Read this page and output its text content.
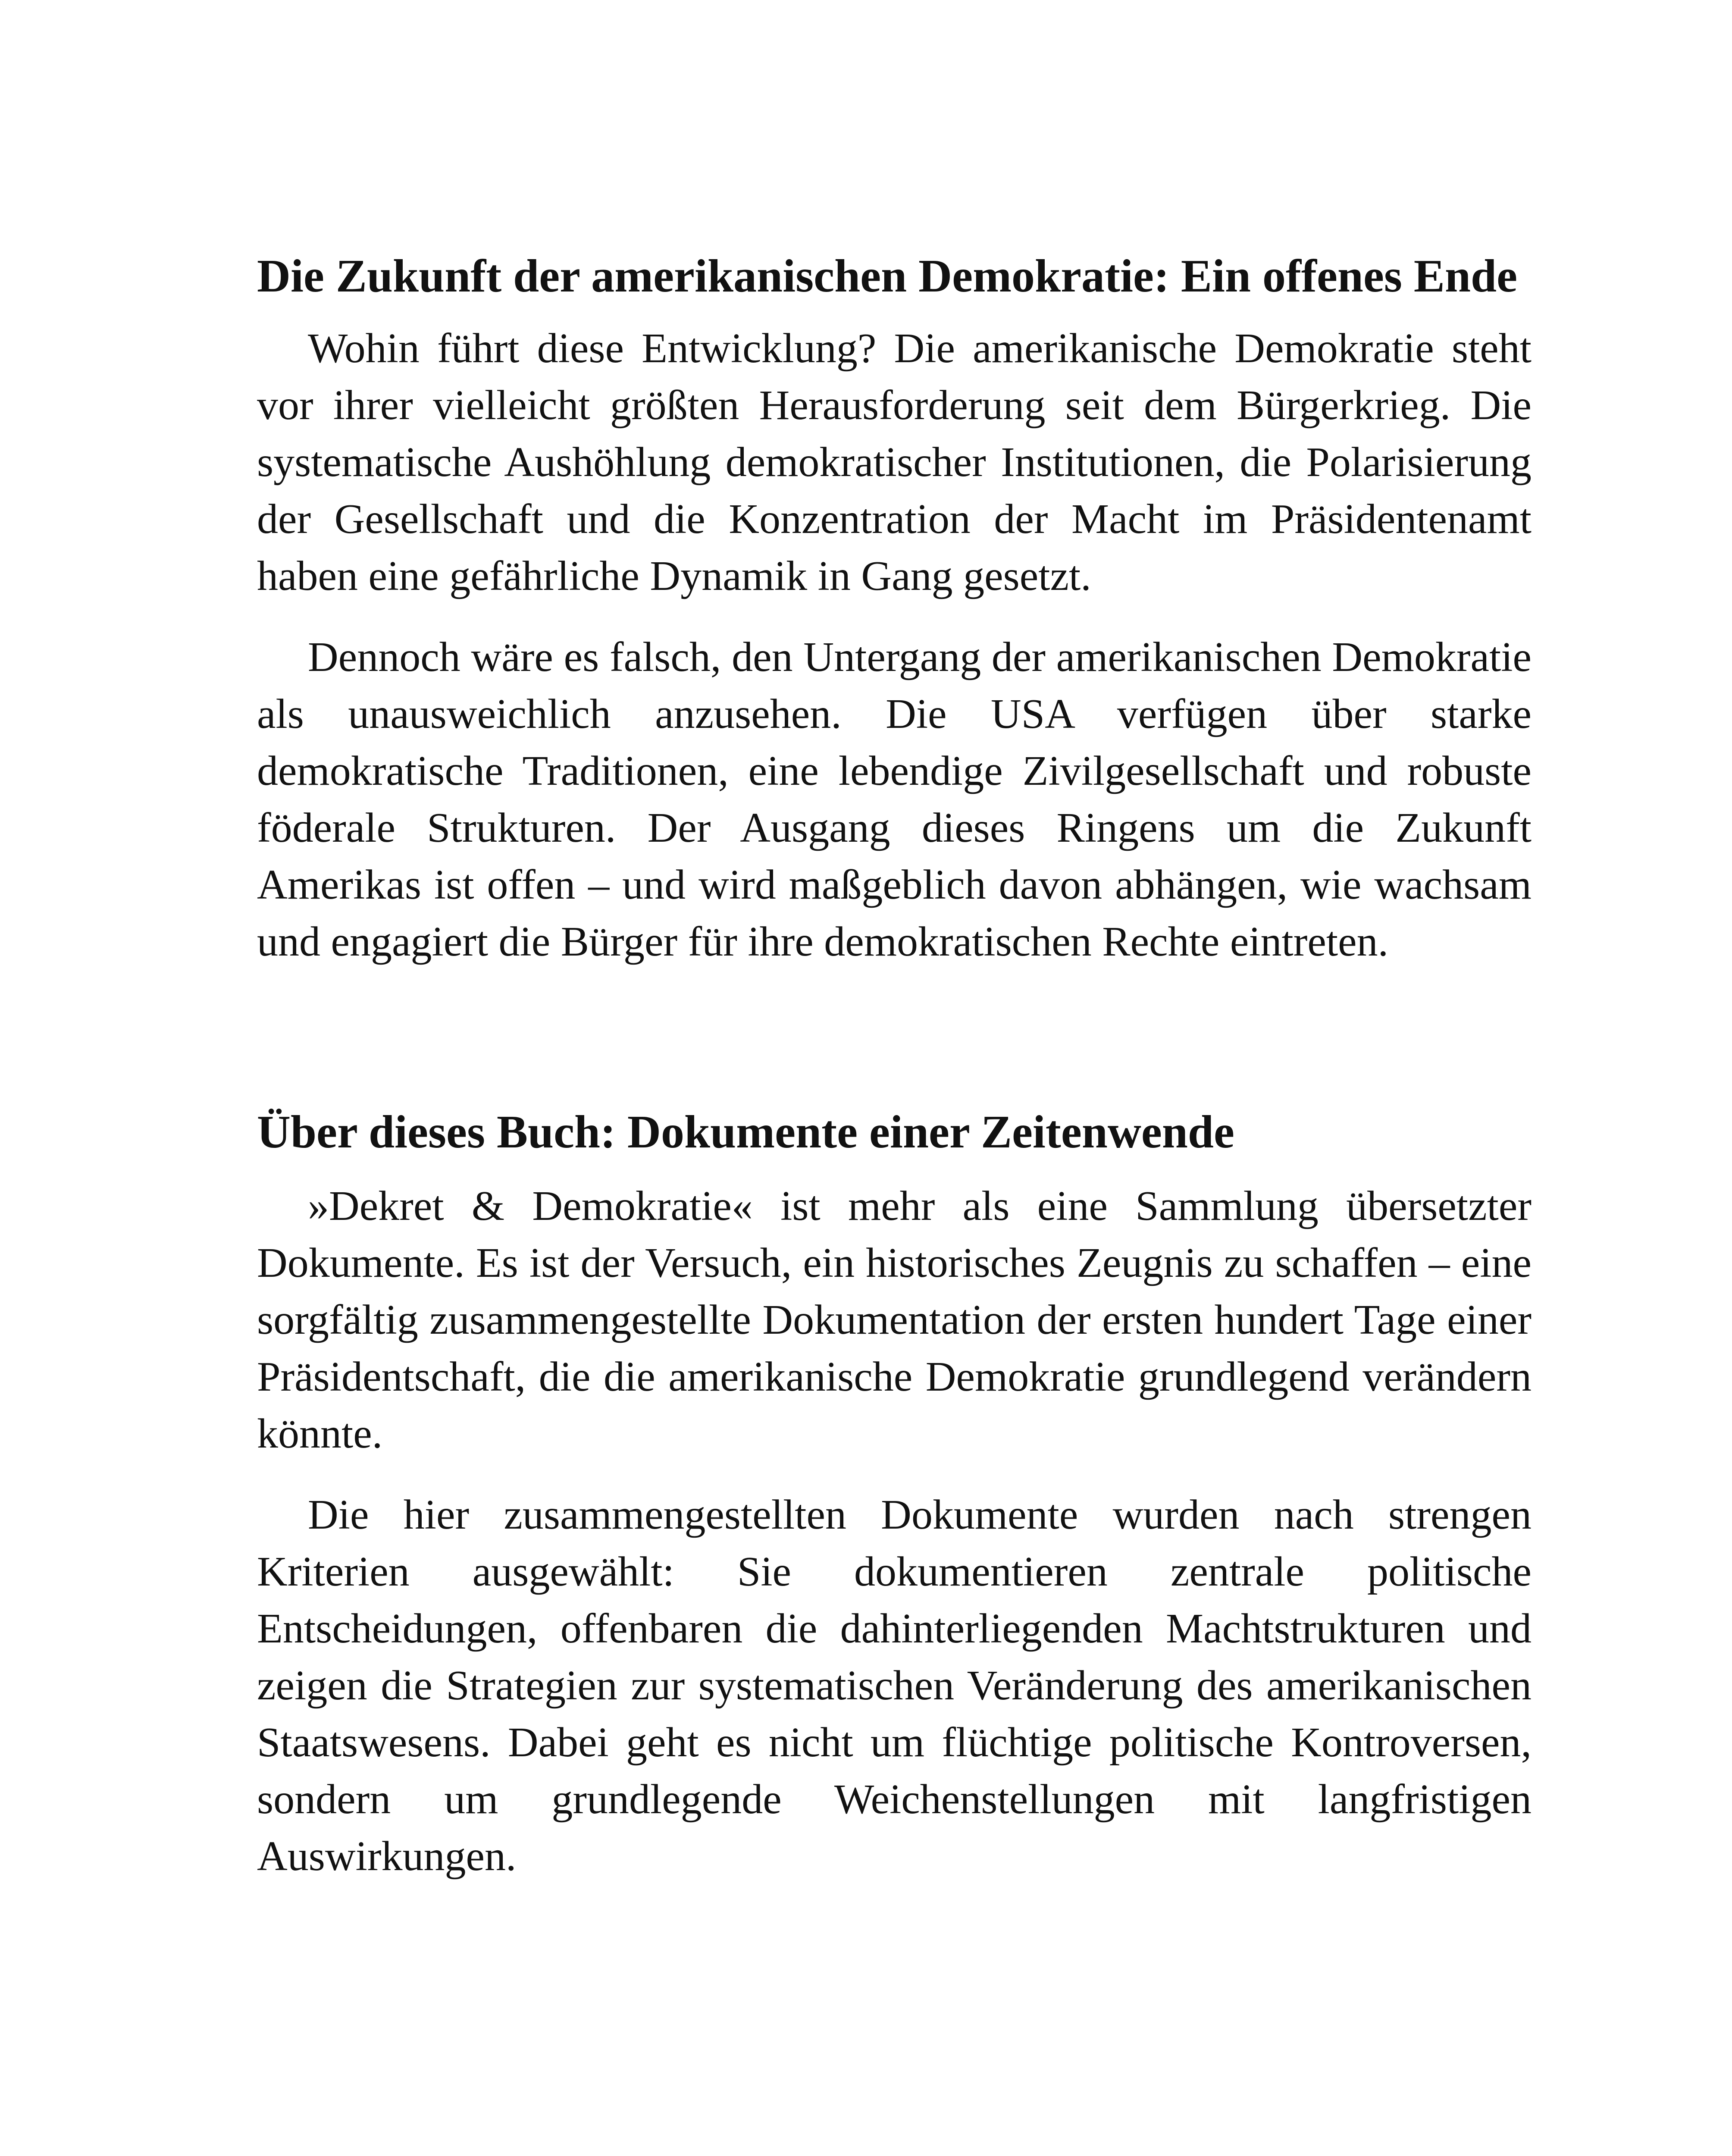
Die Zukunft der amerikanischen Demokratie: Ein offenes Ende

Wohin führt diese Entwicklung? Die amerikanische Demokratie steht vor ihrer vielleicht größten Herausforderung seit dem Bürgerkrieg. Die systematische Aushöhlung demokratischer Institutionen, die Polarisierung der Gesellschaft und die Konzentration der Macht im Präsidentenamt haben eine gefährliche Dynamik in Gang gesetzt.

Dennoch wäre es falsch, den Untergang der amerikanischen Demokratie als unausweichlich anzusehen. Die USA verfügen über starke demokratische Traditionen, eine lebendige Zivilgesellschaft und robuste föderale Strukturen. Der Ausgang dieses Ringens um die Zukunft Amerikas ist offen – und wird maßgeblich davon abhängen, wie wachsam und engagiert die Bürger für ihre demokratischen Rechte eintreten.

Über dieses Buch: Dokumente einer Zeitenwende

»Dekret & Demokratie« ist mehr als eine Sammlung übersetzter Dokumente. Es ist der Versuch, ein historisches Zeugnis zu schaffen – eine sorgfältig zusammengestellte Dokumentation der ersten hundert Tage einer Präsidentschaft, die die amerikanische Demokratie grundlegend verändern könnte.

Die hier zusammengestellten Dokumente wurden nach strengen Kriterien ausgewählt: Sie dokumentieren zentrale politische Entscheidungen, offenbaren die dahinterliegenden Machtstrukturen und zeigen die Strategien zur systematischen Veränderung des amerikanischen Staatswesens. Dabei geht es nicht um flüchtige politische Kontroversen, sondern um grundlegende Weichenstellungen mit langfristigen Auswirkungen.
